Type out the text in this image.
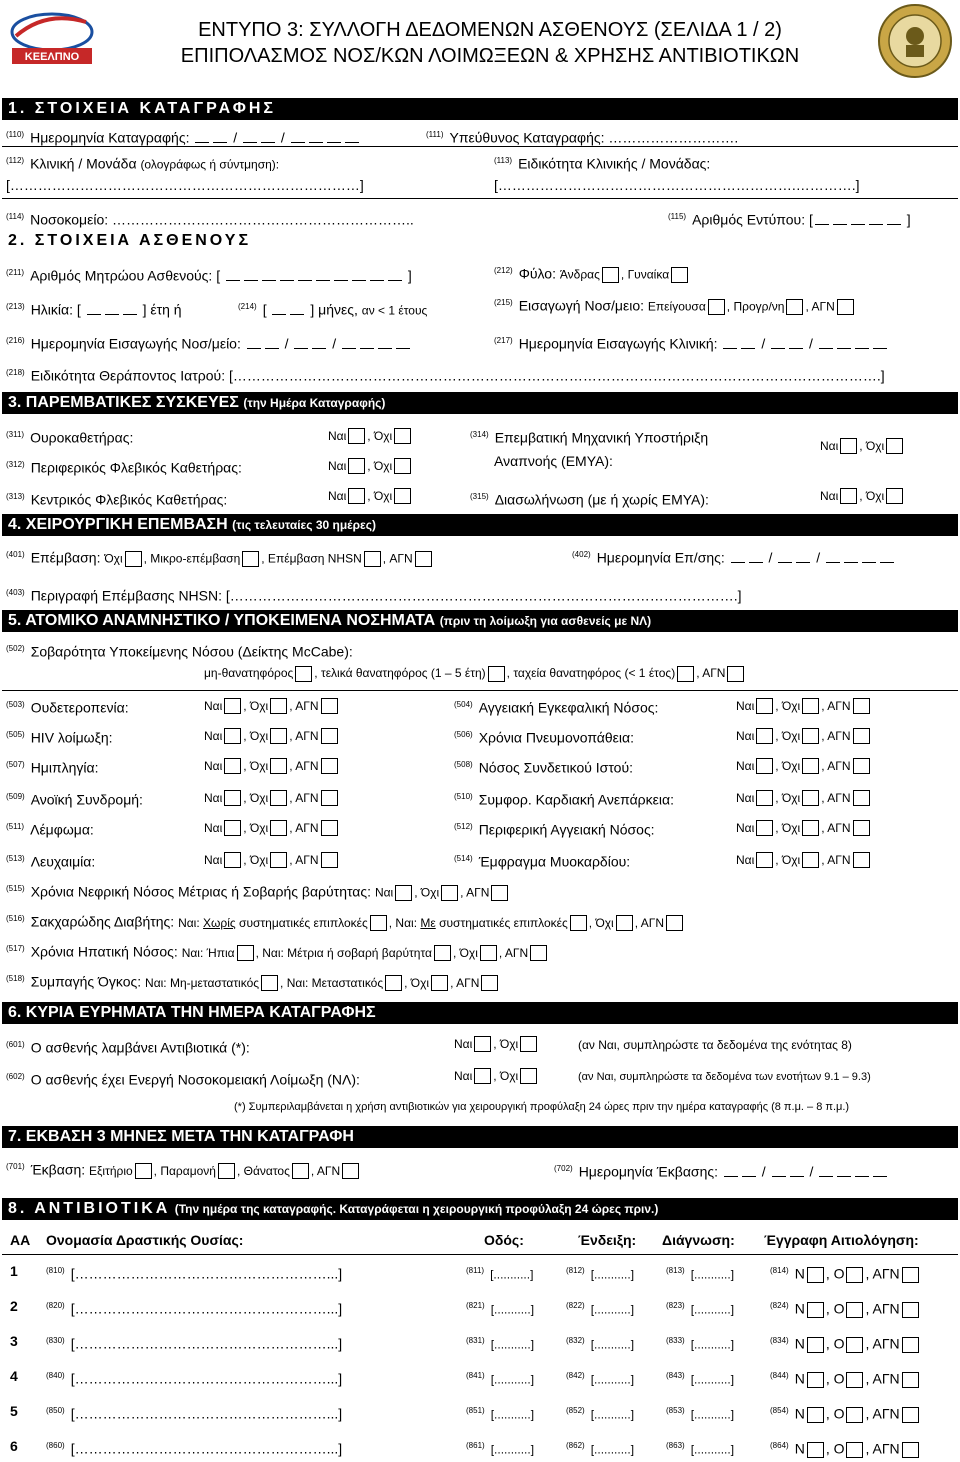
ΚΕΕΛΠΝΟ
ΕΝΤΥΠΟ 3: ΣΥΛΛΟΓΗ ΔΕΔΟΜΕΝΩΝ ΑΣΘΕΝΟΥΣ (ΣΕΛΙΔΑ 1 / 2)
ΕΠΙΠΟΛΑΣΜΟΣ ΝΟΣ/ΚΩΝ ΛΟΙΜΩΞΕΩΝ & ΧΡΗΣΗΣ ΑΝΤΙΒΙΟΤΙΚΩΝ
1. ΣΤΟΙΧΕΙΑ ΚΑΤΑΓΡΑΦΗΣ
$^{(110)}$ Ημερομηνία Καταγραφής:	/	/	$^{(111)}$ Υπεύθυνος Καταγραφής: ……………………….
$^{(112)}$ Κλινική / Μονάδα (ολογράφως ή σύντμηση):
[…………………………………………………………………]
$^{(113)}$ Ειδικότητα Κλινικής / Μονάδας:
[……………………………………………………….………….]
$^{(114)}$ Νοσοκομείο: ………………………………………………………..	$^{(115)}$ Αριθμός Εντύπου: [	]
2. ΣΤΟΙΧΕΙΑ ΑΣΘΕΝΟΥΣ
$^{(211)}$ Αριθμός Μητρώου Ασθενούς: [	]	$^{(212)}$ Φύλο: Άνδρας , Γυναίκα
$^{(213)}$ Ηλικία: [	] έτη ή	$^{(214)}$ [	] μήνες, αν < 1 έτους
$^{(215)}$ Εισαγωγή Νοσ/μειο: Επείγουσα , Προγρ/νη , ΑΓΝ
$^{(216)}$ Ημερομηνία Εισαγωγής Νοσ/μείο:	/	/	$^{(217)}$ Ημερομηνία Εισαγωγής Κλινική:	/	/
$^{(218)}$ Ειδικότητα Θεράποντος Ιατρού: [………………………………………………………………………………………………………………………….]
3. ΠΑΡΕΜΒΑΤΙΚΕΣ ΣΥΣΚΕΥΕΣ (την Ημέρα Καταγραφής)
$^{(311)}$ Ουροκαθετήρας:	Ναι , Όχι
$^{(312)}$ Περιφερικός Φλεβικός Καθετήρας:	Ναι , Όχι
$^{(313)}$ Κεντρικός Φλεβικός Καθετήρας:	Ναι , Όχι
$^{(314)}$ Επεμβατική Μηχανική Υποστήριξη
Αναπνοής (ΕΜΥΑ):
Ναι , Όχι
$^{(315)}$ Διασωλήνωση (με ή χωρίς ΕΜΥΑ):	Ναι , Όχι
4. ΧΕΙΡΟΥΡΓΙΚΗ ΕΠΕΜΒΑΣΗ (τις τελευταίες 30 ημέρες)
$^{(401)}$ Επέμβαση: Όχι , Μικρο-επέμβαση , Επέμβαση NHSN , ΑΓΝ	$^{(402)}$ Ημερομηνία Επ/σης:	/	/
$^{(403)}$ Περιγραφή Επέμβασης NHSN: [……………………………………………………………………………………………….]
5. ΑΤΟΜΙΚΟ ΑΝΑΜΝΗΣΤΙΚΟ / ΥΠΟΚΕΙΜΕΝΑ ΝΟΣΗΜΑΤΑ (πριν τη λοίμωξη για ασθενείς με ΝΛ)
$^{(502)}$ Σοβαρότητα Υποκείμενης Νόσου (Δείκτης McCabe):
μη-θανατηφόρος , τελικά θανατηφόρος (1 – 5 έτη) , ταχεία θανατηφόρος (< 1 έτος) , ΑΓΝ
$^{(503)}$ Ουδετεροπενία:	Ναι , Όχι , ΑΓΝ
$^{(505)}$ HIV λοίμωξη:	Ναι , Όχι , ΑΓΝ
$^{(507)}$ Ημιπληγία:	Ναι , Όχι , ΑΓΝ
$^{(509)}$ Ανοϊκή Συνδρομή:	Ναι , Όχι , ΑΓΝ
$^{(511)}$ Λέμφωμα:	Ναι , Όχι , ΑΓΝ
$^{(513)}$ Λευχαιμία:	Ναι , Όχι , ΑΓΝ
$^{(504)}$ Αγγειακή Εγκεφαλική Νόσος:	Ναι , Όχι , ΑΓΝ
$^{(506)}$ Χρόνια Πνευμονοπάθεια:	Ναι , Όχι , ΑΓΝ
$^{(508)}$ Νόσος Συνδετικού Ιστού:	Ναι , Όχι , ΑΓΝ
$^{(510)}$ Συμφορ. Καρδιακή Ανεπάρκεια:	Ναι , Όχι , ΑΓΝ
$^{(512)}$ Περιφερική Αγγειακή Νόσος:	Ναι , Όχι , ΑΓΝ
$^{(514)}$ Έμφραγμα Μυοκαρδίου:	Ναι , Όχι , ΑΓΝ
$^{(515)}$ Χρόνια Νεφρική Νόσος Μέτριας ή Σοβαρής βαρύτητας: Ναι , Όχι , ΑΓΝ
$^{(516)}$ Σακχαρώδης Διαβήτης: Ναι: Χωρίς συστηματικές επιπλοκές , Ναι: Με συστηματικές επιπλοκές , Όχι , ΑΓΝ
$^{(517)}$ Χρόνια Ηπατική Νόσος: Ναι: Ήπια , Ναι: Μέτρια ή σοβαρή βαρύτητα , Όχι , ΑΓΝ
$^{(518)}$ Συμπαγής Όγκος: Ναι: Μη-μεταστατικός , Ναι: Μεταστατικός , Όχι , ΑΓΝ
6. ΚΥΡΙΑ ΕΥΡΗΜΑΤΑ ΤΗΝ ΗΜΕΡΑ ΚΑΤΑΓΡΑΦΗΣ
$^{(601)}$ Ο ασθενής λαμβάνει Αντιβιοτικά (*):	Ναι , Όχι	(αν Ναι, συμπληρώστε τα δεδομένα της ενότητας 8)
$^{(602)}$ Ο ασθενής έχει Ενεργή Νοσοκομειακή Λοίμωξη (ΝΛ):	Ναι , Όχι	(αν Ναι, συμπληρώστε τα δεδομένα των ενοτήτων 9.1 – 9.3)
(*) Συμπεριλαμβάνεται η χρήση αντιβιοτικών για χειρουργική προφύλαξη 24 ώρες πριν την ημέρα καταγραφής (8 π.μ. – 8 π.μ.)
7. ΕΚΒΑΣΗ 3 ΜΗΝΕΣ ΜΕΤΑ ΤΗΝ ΚΑΤΑΓΡΑΦΗ
$^{(701)}$ Έκβαση: Εξιτήριο , Παραμονή , Θάνατος , ΑΓΝ	$^{(702)}$ Ημερομηνία Έκβασης:	/	/
8. ΑΝΤΙΒΙΟΤΙΚΑ (Την ημέρα της καταγραφής. Καταγράφεται η χειρουργική προφύλαξη 24 ώρες πριν.)
ΑΑ Ονομασία Δραστικής Ουσίας:	Οδός:	Ένδειξη: Διάγνωση: Έγγραφη Αιτιολόγηση:
1	$^{(810)}$ [………………………………………………...]	$^{(811)}$ [...........]	$^{(812)}$ [...........]	$^{(813)}$ [...........]	$^{(814)}$ Ν , Ο , ΑΓΝ
2	$^{(820)}$ [………………………………………………...]	$^{(821)}$ [...........]	$^{(822)}$ [...........]	$^{(823)}$ [...........]	$^{(824)}$ Ν , Ο , ΑΓΝ
3	$^{(830)}$ [………………………………………………...]	$^{(831)}$ [...........]	$^{(832)}$ [...........]	$^{(833)}$ [...........]	$^{(834)}$ Ν , Ο , ΑΓΝ
4	$^{(840)}$ [………………………………………………...]	$^{(841)}$ [...........]	$^{(842)}$ [...........]	$^{(843)}$ [...........]	$^{(844)}$ Ν , Ο , ΑΓΝ
5	$^{(850)}$ [………………………………………………...]	$^{(851)}$ [...........]	$^{(852)}$ [...........]	$^{(853)}$ [...........]	$^{(854)}$ Ν , Ο , ΑΓΝ
6	$^{(860)}$ [………………………………………………...]	$^{(861)}$ [...........]	$^{(862)}$ [...........]	$^{(863)}$ [...........]	$^{(864)}$ Ν , Ο , ΑΓΝ
